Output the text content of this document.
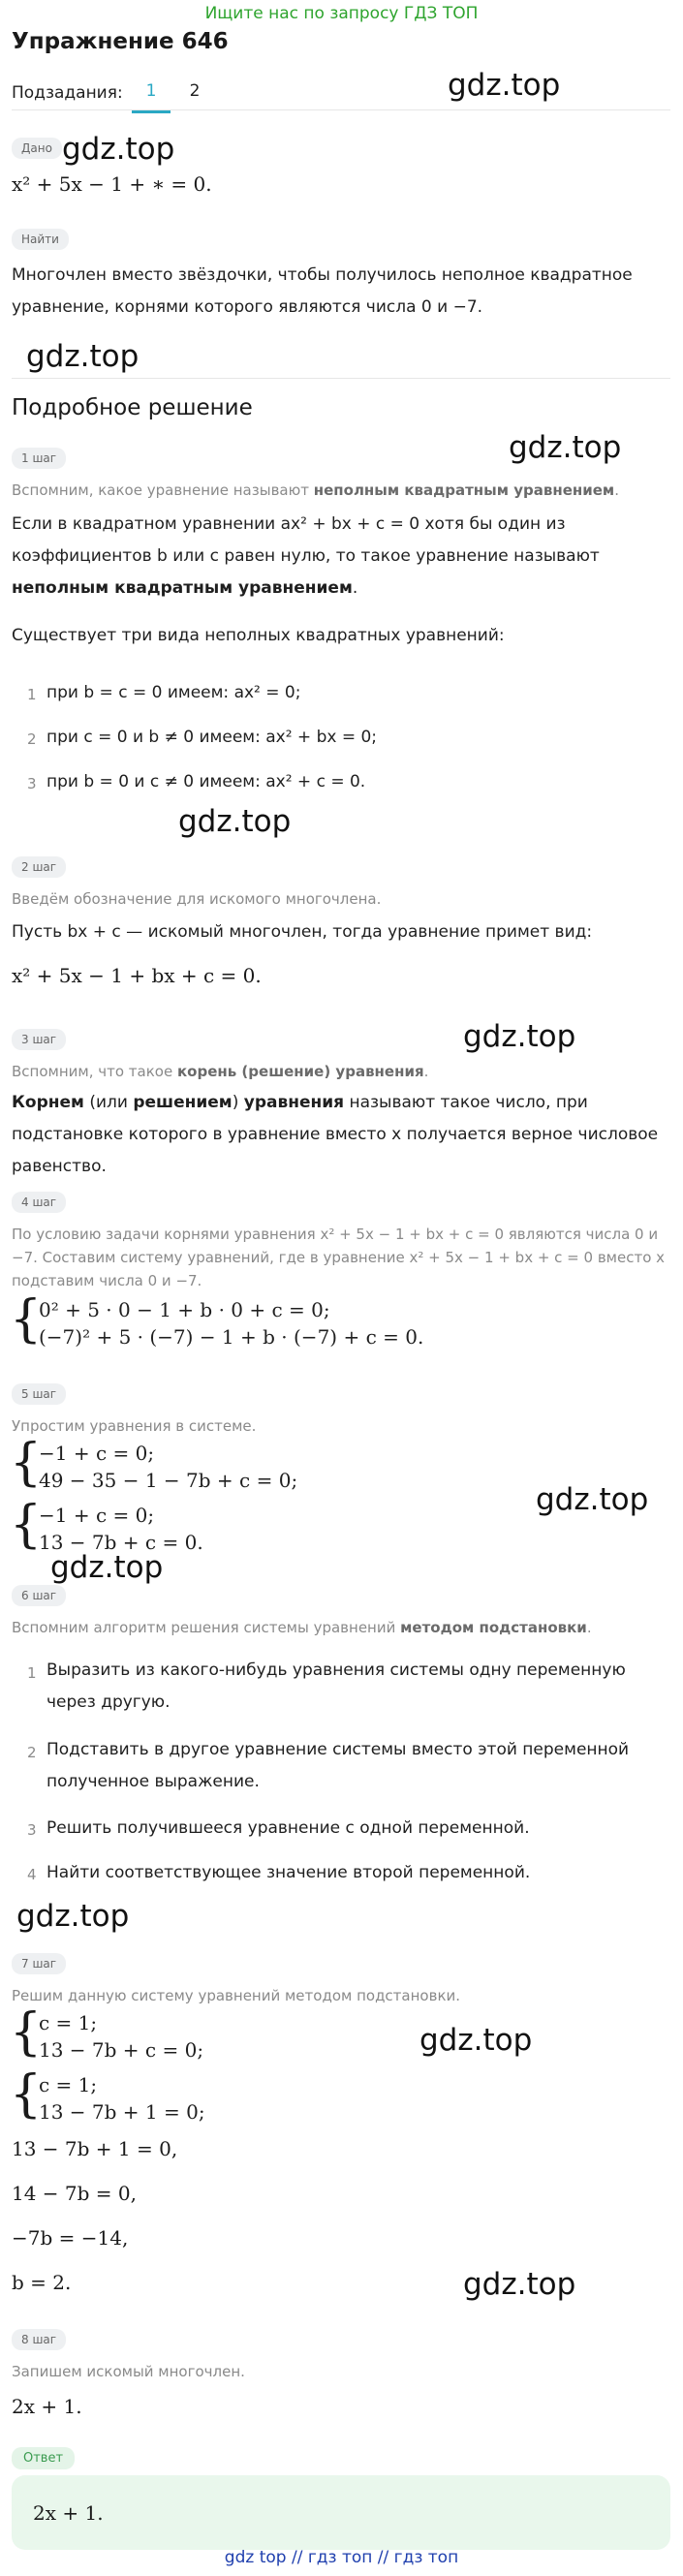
Ищите нас по запросу ГДЗ ТОП
Упражнение 646
Подзадания:	1	2	gdz.top
gdz.top
gdz.top
gdz.top
gdz.top
gdz.top
gdz.top
gdz.top
gdz.top
gdz.top
gdz.top
Дано
x² + 5x − 1 + ∗ = 0.
Найти
Многочлен вместо звёздочки, чтобы получилось неполное квадратное уравнение, корнями которого являются числа 0 и −7.
Подробное решение
1 шаг
Вспомним, какое уравнение называют неполным квадратным уравнением.
Если в квадратном уравнении ax² + bx + c = 0 хотя бы один из коэффициентов b или c равен нулю, то такое уравнение называют неполным квадратным уравнением.
Существует три вида неполных квадратных уравнений:
1 при b = c = 0 имеем: ax² = 0;
2 при c = 0 и b ≠ 0 имеем: ax² + bx = 0;
3 при b = 0 и c ≠ 0 имеем: ax² + c = 0.
2 шаг
Введём обозначение для искомого многочлена.
Пусть bx + c — искомый многочлен, тогда уравнение примет вид:
x² + 5x − 1 + bx + c = 0.
3 шаг
Вспомним, что такое корень (решение) уравнения.
Корнем (или решением) уравнения называют такое число, при подстановке которого в уравнение вместо x получается верное числовое равенство.
4 шаг
По условию задачи корнями уравнения x² + 5x − 1 + bx + c = 0 являются числа 0 и −7. Составим систему уравнений, где в уравнение x² + 5x − 1 + bx + c = 0 вместо x подставим числа 0 и −7.
{
0² + 5 · 0 − 1 + b · 0 + c = 0;
(−7)² + 5 · (−7) − 1 + b · (−7) + c = 0.
5 шаг
Упростим уравнения в системе.
{
−1 + c = 0;
49 − 35 − 1 − 7b + c = 0;
{
−1 + c = 0;
13 − 7b + c = 0.
6 шаг
Вспомним алгоритм решения системы уравнений методом подстановки.
1 Выразить из какого-нибудь уравнения системы одну переменную через другую.
2 Подставить в другое уравнение системы вместо этой переменной полученное выражение.
3 Решить получившееся уравнение с одной переменной.
4 Найти соответствующее значение второй переменной.
7 шаг
Решим данную систему уравнений методом подстановки.
{
c = 1;
13 − 7b + c = 0;
{
c = 1;
13 − 7b + 1 = 0;
13 − 7b + 1 = 0,
14 − 7b = 0,
−7b = −14,
b = 2.
8 шаг
Запишем искомый многочлен.
2x + 1.
Ответ
2x + 1.
gdz top // гдз топ // гдз топ
